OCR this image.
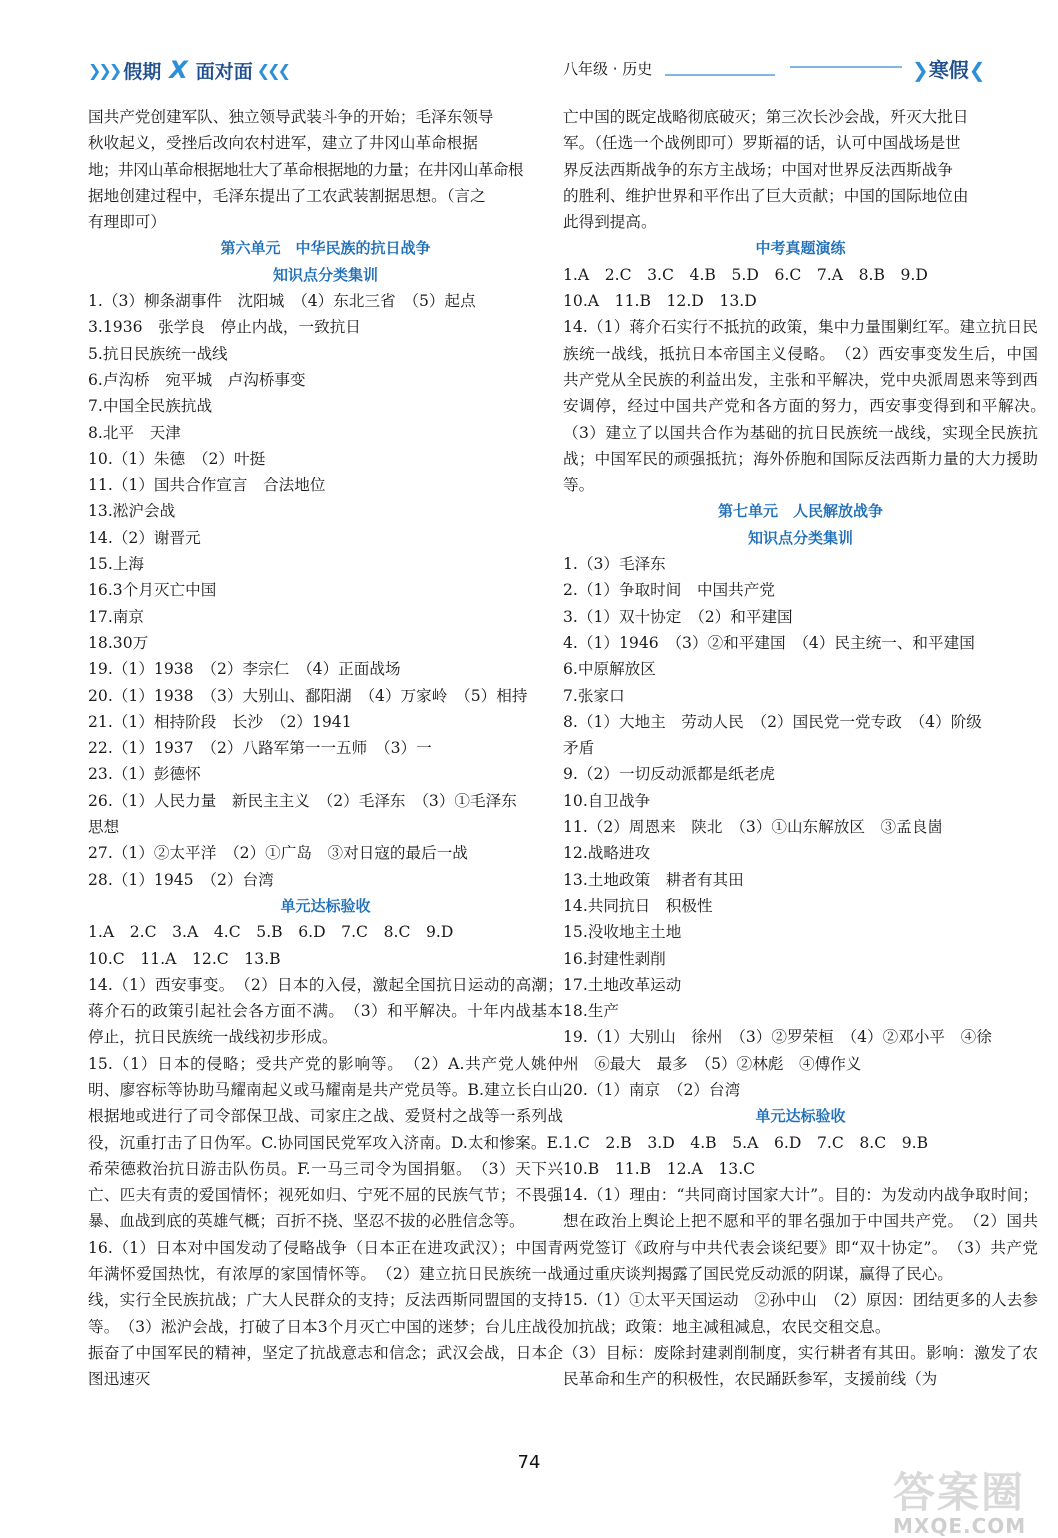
❯❯❯ 假期 X 面对面 ❮❮❮	八年级 · 历史	❯寒假❮
国共产党创建军队、独立领导武装斗争的开始；毛泽东领导
秋收起义，受挫后改向农村进军，建立了井冈山革命根据
地；井冈山革命根据地壮大了革命根据地的力量；在井冈山革命根
据地创建过程中，毛泽东提出了工农武装割据思想。（言之
有理即可）
第六单元　中华民族的抗日战争
知识点分类集训
1.（3）柳条湖事件　沈阳城　（4）东北三省　（5）起点
3.1936　张学良　停止内战，一致抗日
5.抗日民族统一战线
6.卢沟桥　宛平城　卢沟桥事变
7.中国全民族抗战
8.北平　天津
10.（1）朱德　（2）叶挺
11.（1）国共合作宣言　合法地位
13.淞沪会战
14.（2）谢晋元
15.上海
16.3个月灭亡中国
17.南京
18.30万
19.（1）1938　（2）李宗仁　（4）正面战场
20.（1）1938　（3）大别山、鄱阳湖　（4）万家岭　（5）相持
21.（1）相持阶段　长沙　（2）1941
22.（1）1937　（2）八路军第一一五师　（3）一
23.（1）彭德怀
26.（1）人民力量　新民主主义　（2）毛泽东　（3）①毛泽东
思想
27.（1）②太平洋　（2）①广岛　③对日寇的最后一战
28.（1）1945　（2）台湾
单元达标验收
1.A　2.C　3.A　4.C　5.B　6.D　7.C　8.C　9.D
10.C　11.A　12.C　13.B
14.（1）西安事变。　（2）日本的入侵，激起全国抗日运动的高潮；蒋介石的政策引起社会各方面不满。　（3）和平解决。十年内战基本停止，抗日民族统一战线初步形成。
15.（1）日本的侵略；受共产党的影响等。　（2）A.共产党人姚仲明、廖容标等协助马耀南起义或马耀南是共产党员等。B.建立长白山根据地或进行了司令部保卫战、司家庄之战、爱贤村之战等一系列战役，沉重打击了日伪军。C.协同国民党军攻入济南。D.太和惨案。E.希荣德救治抗日游击队伤员。F.一马三司令为国捐躯。　（3）天下兴亡、匹夫有责的爱国情怀；视死如归、宁死不屈的民族气节；不畏强暴、血战到底的英雄气概；百折不挠、坚忍不拔的必胜信念等。
16.（1）日本对中国发动了侵略战争（日本正在进攻武汉）；中国青年满怀爱国热忱，有浓厚的家国情怀等。　（2）建立抗日民族统一战线，实行全民族抗战；广大人民群众的支持；反法西斯同盟国的支持等。　（3）淞沪会战，打破了日本3个月灭亡中国的迷梦；台儿庄战役振奋了中国军民的精神，坚定了抗战意志和信念；武汉会战，日本企图迅速灭
亡中国的既定战略彻底破灭；第三次长沙会战，歼灭大批日
军。（任选一个战例即可）罗斯福的话，认可中国战场是世
界反法西斯战争的东方主战场；中国对世界反法西斯战争
的胜利、维护世界和平作出了巨大贡献；中国的国际地位由
此得到提高。
中考真题演练
1.A　2.C　3.C　4.B　5.D　6.C　7.A　8.B　9.D
10.A　11.B　12.D　13.D
14.（1）蒋介石实行不抵抗的政策，集中力量围剿红军。建立抗日民族统一战线，抵抗日本帝国主义侵略。　（2）西安事变发生后，中国共产党从全民族的利益出发，主张和平解决，党中央派周恩来等到西安调停，经过中国共产党和各方面的努力，西安事变得到和平解决。　（3）建立了以国共合作为基础的抗日民族统一战线，实现全民族抗战；中国军民的顽强抵抗；海外侨胞和国际反法西斯力量的大力援助等。
第七单元　人民解放战争
知识点分类集训
1.（3）毛泽东
2.（1）争取时间　中国共产党
3.（1）双十协定　（2）和平建国
4.（1）1946　（3）②和平建国　（4）民主统一、和平建国
6.中原解放区
7.张家口
8.（1）大地主　劳动人民　（2）国民党一党专政　（4）阶级
矛盾
9.（2）一切反动派都是纸老虎
10.自卫战争
11.（2）周恩来　陕北　（3）①山东解放区　③孟良崮
12.战略进攻
13.土地政策　耕者有其田
14.共同抗日　积极性
15.没收地主土地
16.封建性剥削
17.土地改革运动
18.生产
19.（1）大别山　徐州　（3）②罗荣桓　（4）②邓小平　④徐
州　⑥最大　最多　（5）②林彪　④傅作义
20.（1）南京　（2）台湾
单元达标验收
1.C　2.B　3.D　4.B　5.A　6.D　7.C　8.C　9.B
10.B　11.B　12.A　13.C
14.（1）理由：“共同商讨国家大计”。目的：为发动内战争取时间；想在政治上舆论上把不愿和平的罪名强加于中国共产党。　（2）国共两党签订《政府与中共代表会谈纪要》即“双十协定”。　（3）共产党通过重庆谈判揭露了国民党反动派的阴谋，赢得了民心。
15.（1）①太平天国运动　②孙中山　（2）原因：团结更多的人去参加抗战；政策：地主减租减息，农民交租交息。
（3）目标：废除封建剥削制度，实行耕者有其田。影响：激发了农民革命和生产的积极性，农民踊跃参军，支援前线（为
74
答案圈
MXQE.COM
